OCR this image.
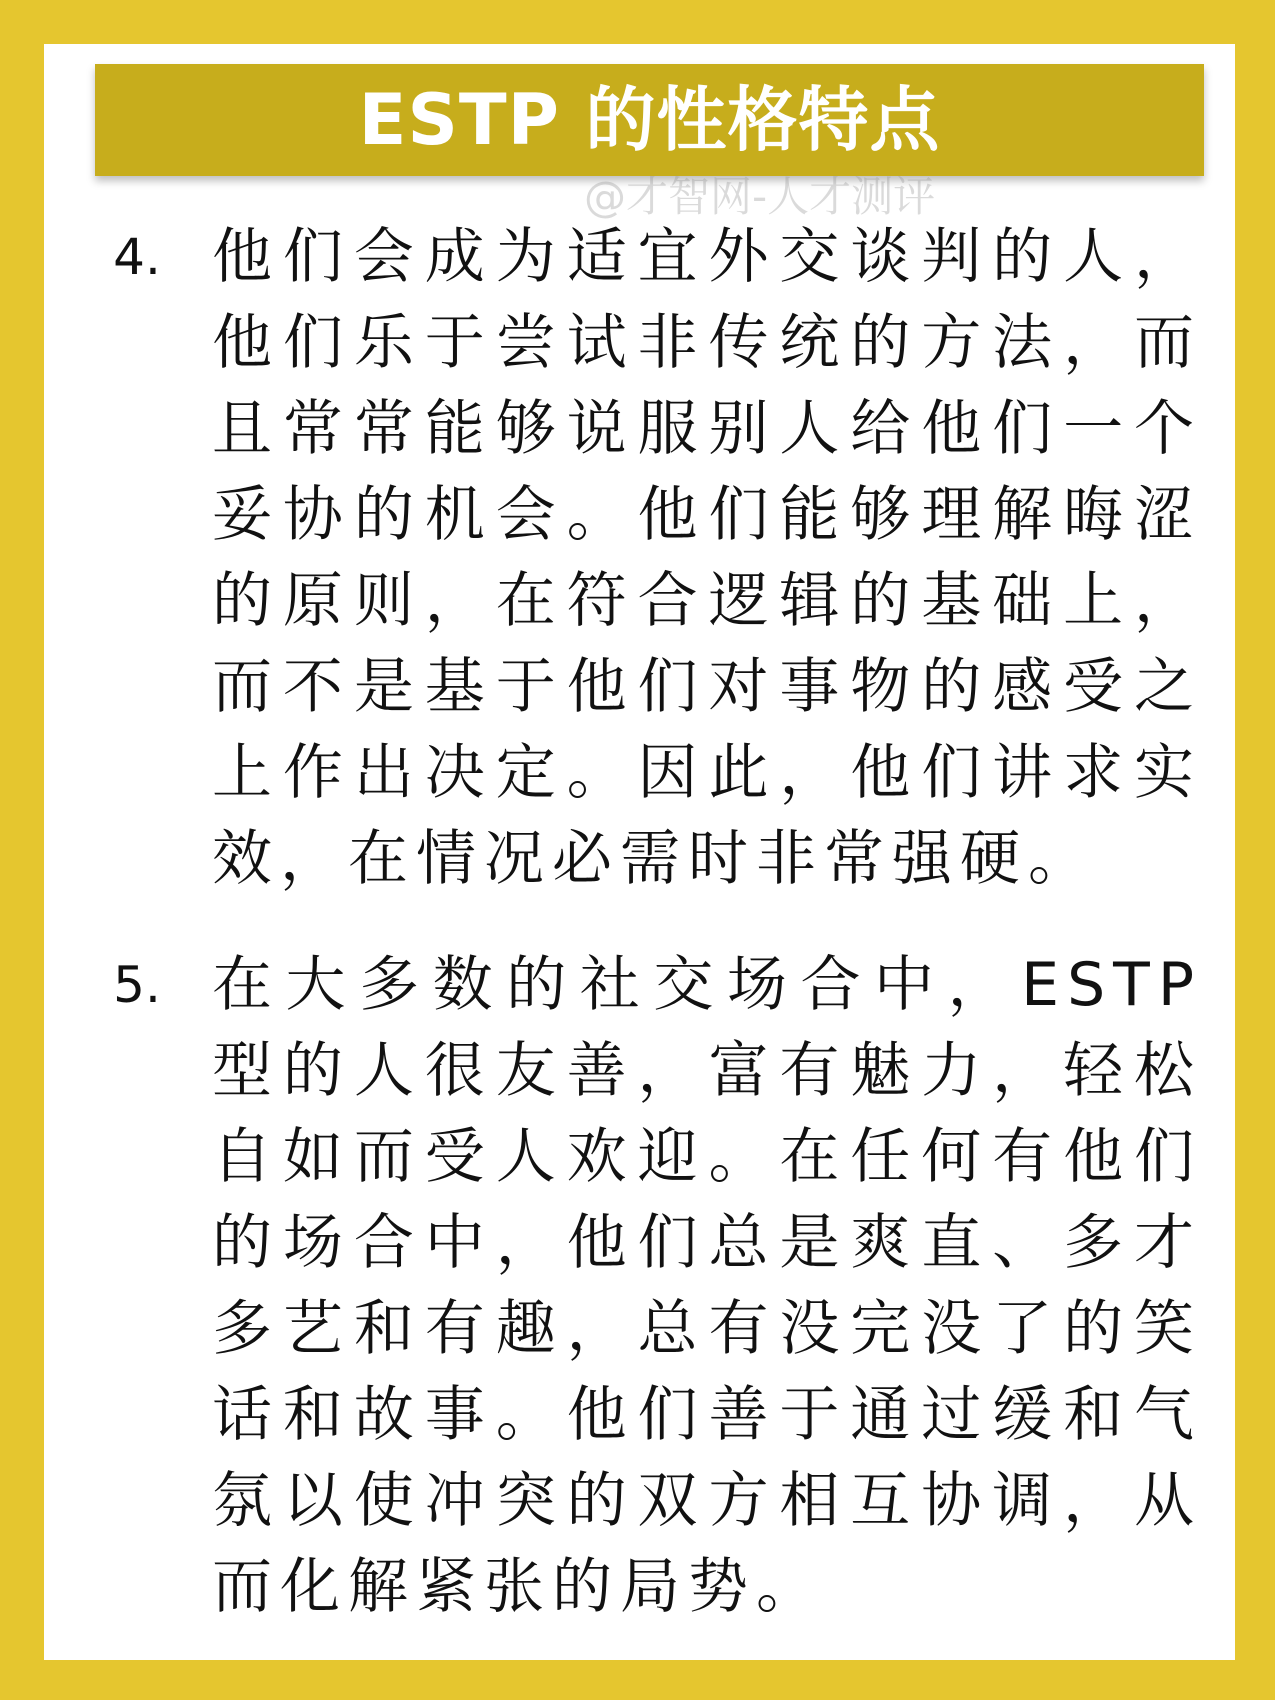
ESTP 的性格特点
@才智网-人才测评
4. 他们会成为适宜外交谈判的人，他们乐于尝试非传统的方法，而且常常能够说服别人给他们一个妥协的机会。他们能够理解晦涩的原则，在符合逻辑的基础上，而不是基于他们对事物的感受之上作出决定。因此，他们讲求实效，在情况必需时非常强硬。
5. 在大多数的社交场合中，ESTP型的人很友善，富有魅力，轻松自如而受人欢迎。在任何有他们的场合中，他们总是爽直、多才多艺和有趣，总有没完没了的笑话和故事。他们善于通过缓和气氛以使冲突的双方相互协调，从而化解紧张的局势。
